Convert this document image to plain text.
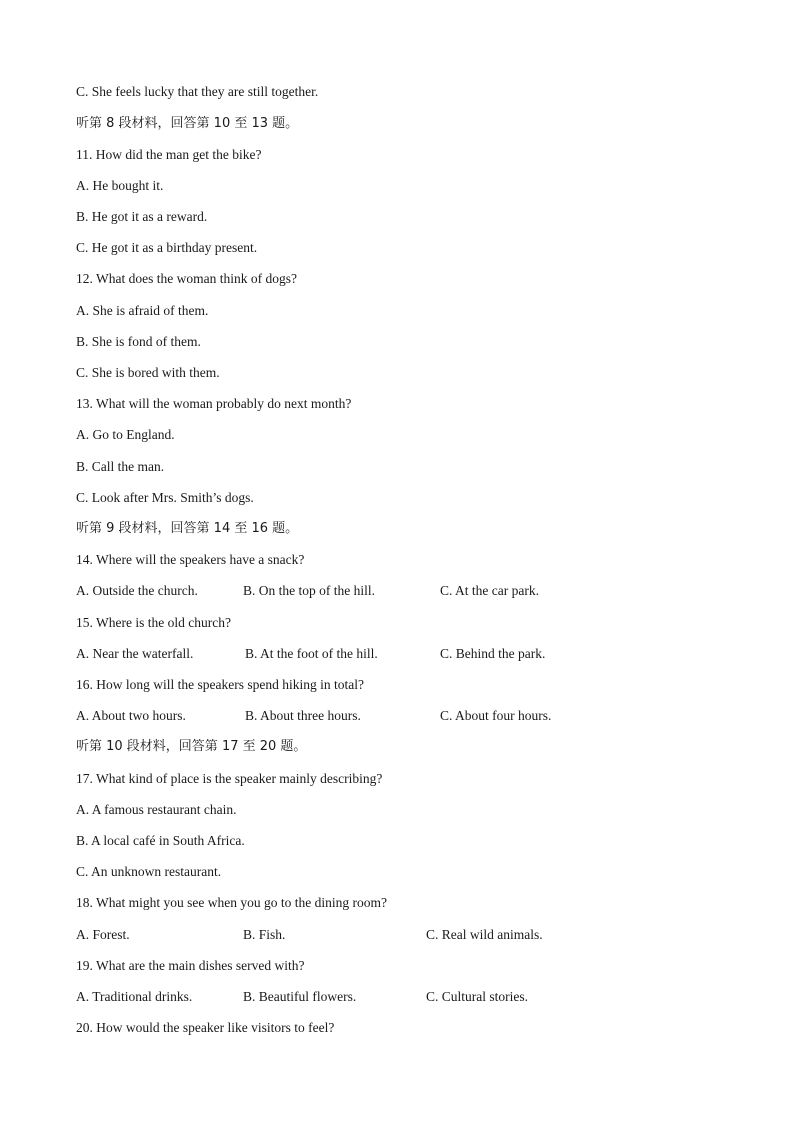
C. She feels lucky that they are still together.
听第 8 段材料，回答第 10 至 13 题。
11. How did the man get the bike?
A. He bought it.
B. He got it as a reward.
C. He got it as a birthday present.
12. What does the woman think of dogs?
A. She is afraid of them.
B. She is fond of them.
C. She is bored with them.
13. What will the woman probably do next month?
A. Go to England.
B. Call the man.
C. Look after Mrs. Smith’s dogs.
听第 9 段材料，回答第 14 至 16 题。
14. Where will the speakers have a snack?
A. Outside the church.	B. On the top of the hill.	C. At the car park.
15. Where is the old church?
A. Near the waterfall.	B. At the foot of the hill.	C. Behind the park.
16. How long will the speakers spend hiking in total?
A. About two hours.	B. About three hours.	C. About four hours.
听第 10 段材料，回答第 17 至 20 题。
17. What kind of place is the speaker mainly describing?
A. A famous restaurant chain.
B. A local café in South Africa.
C. An unknown restaurant.
18. What might you see when you go to the dining room?
A. Forest.	B. Fish.	C. Real wild animals.
19. What are the main dishes served with?
A. Traditional drinks.	B. Beautiful flowers.	C. Cultural stories.
20. How would the speaker like visitors to feel?
